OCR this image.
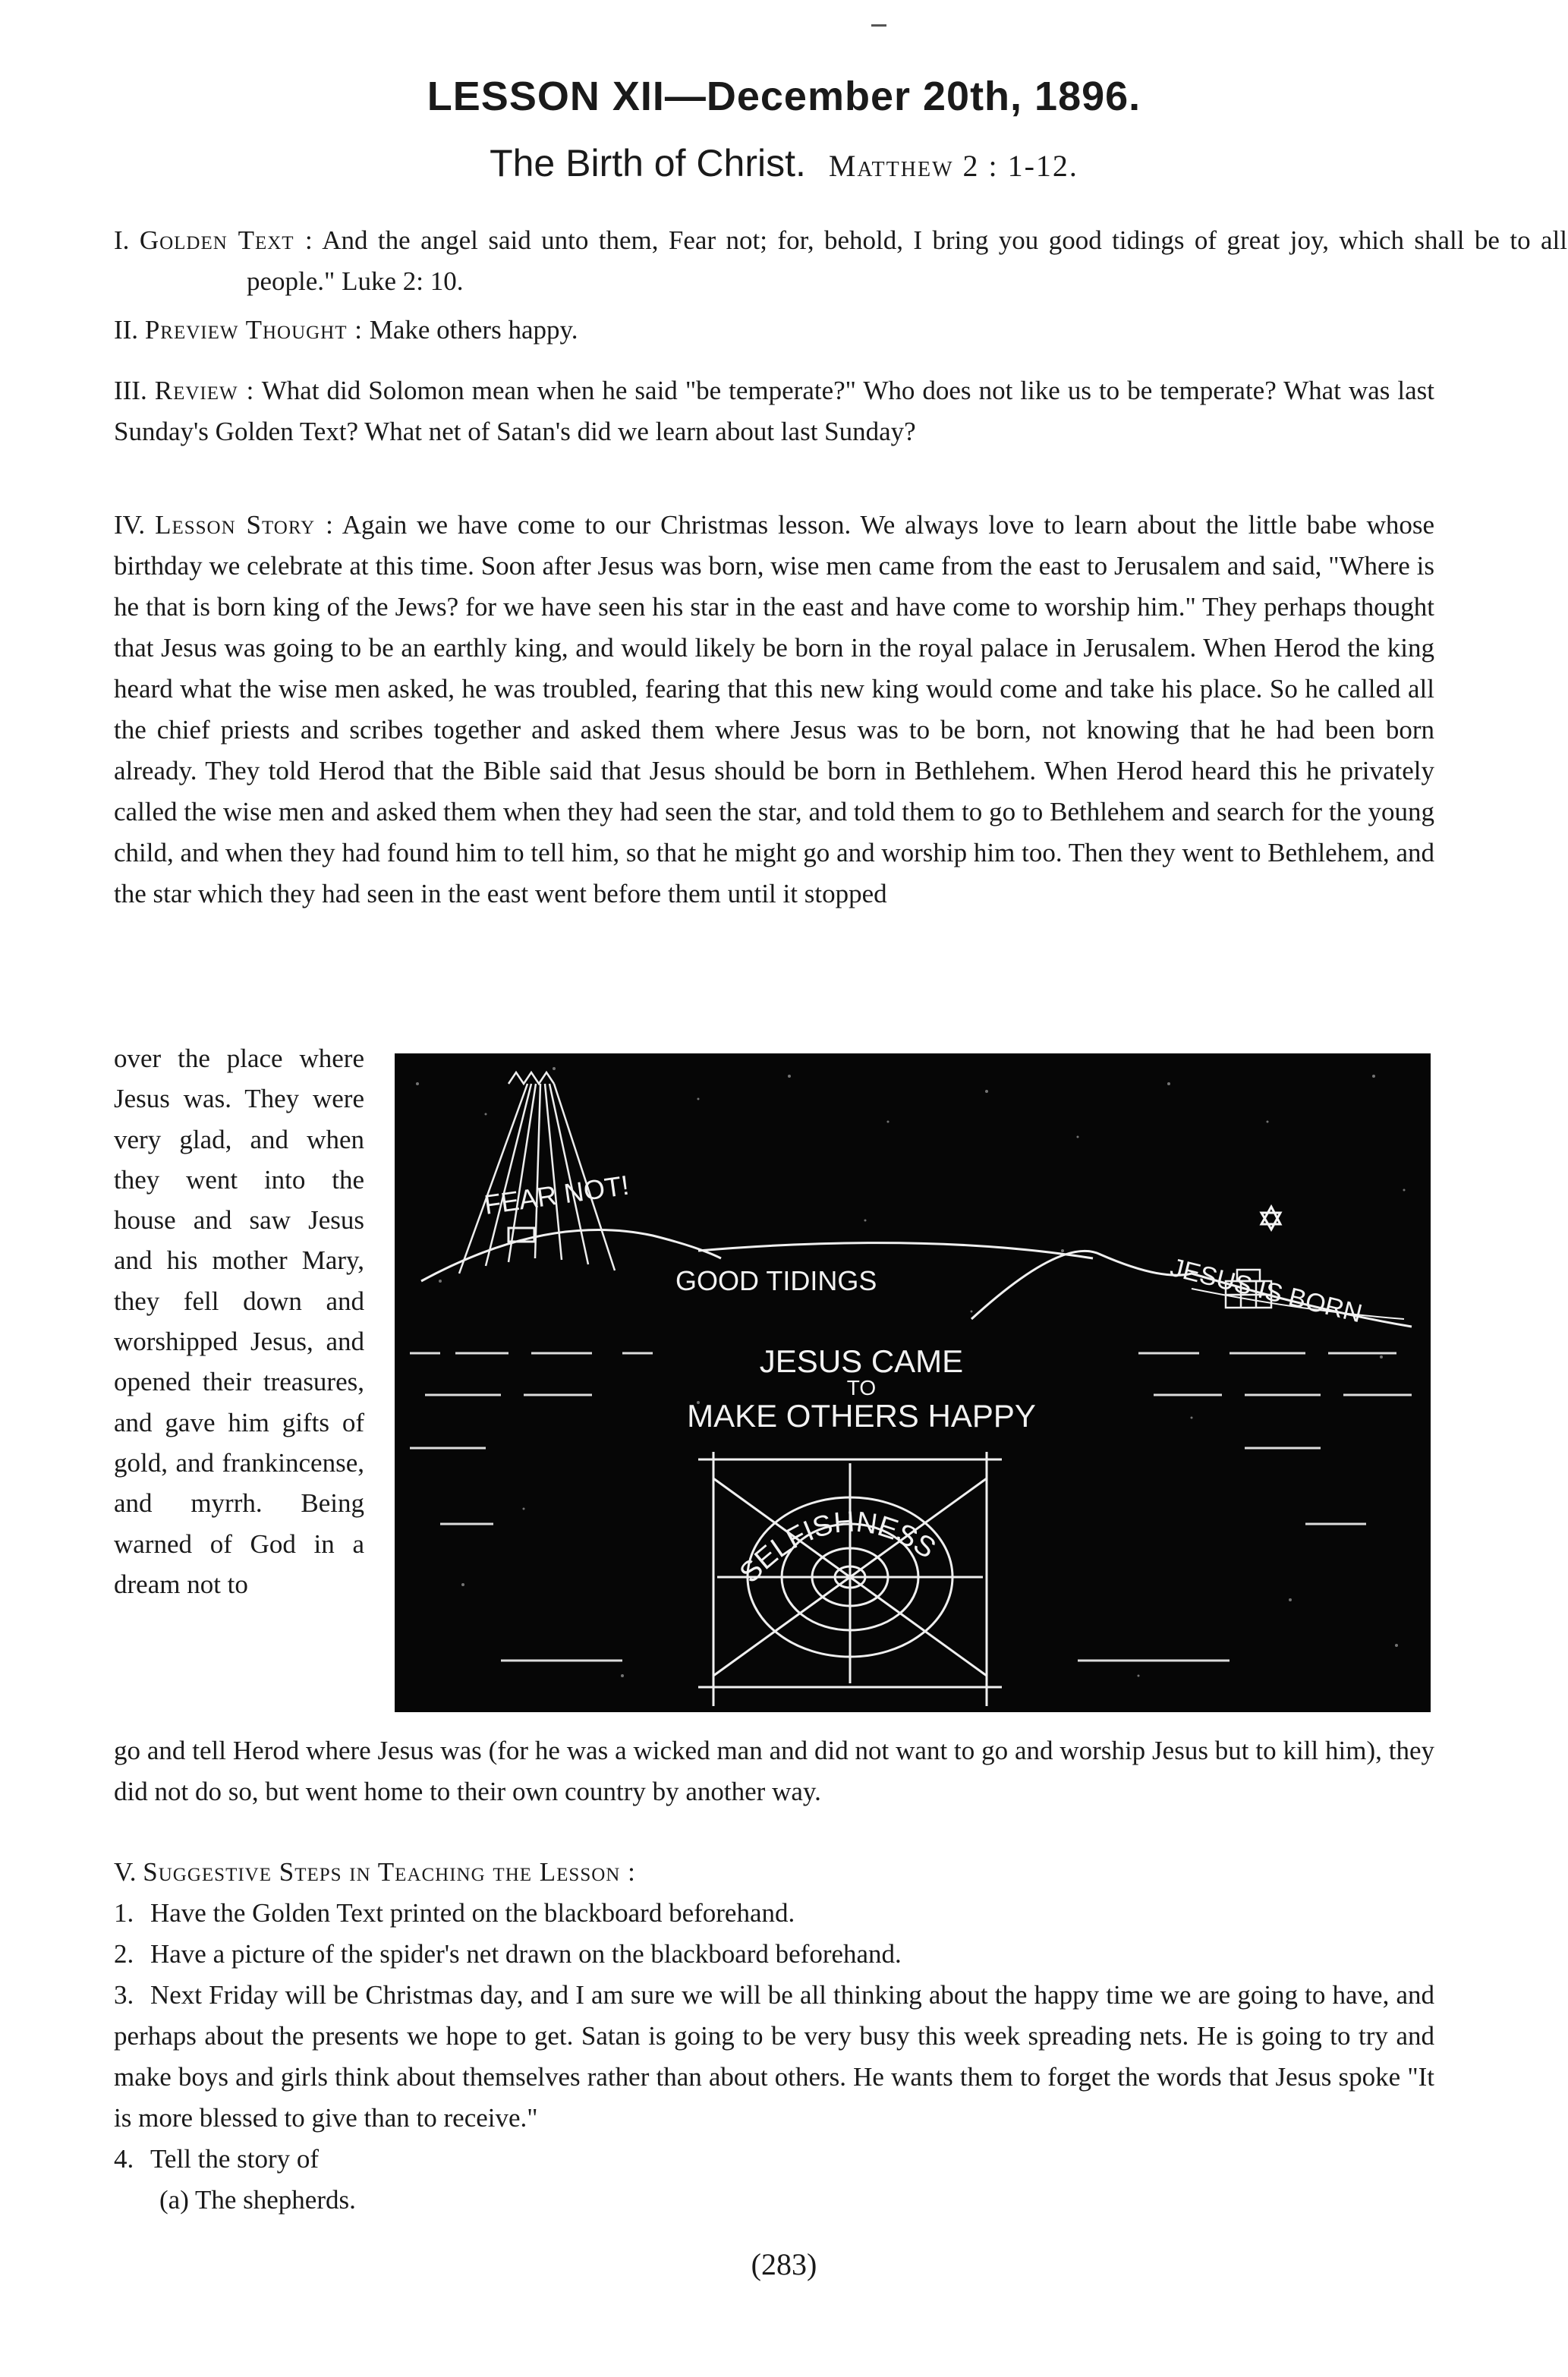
LESSON XII—December 20th, 1896.
The Birth of Christ. Matthew 2 : 1-12.
I. Golden Text : And the angel said unto them, Fear not; for, behold, I bring you good tidings of great joy, which shall be to all people." Luke 2: 10.
II. Preview Thought : Make others happy.
III. Review : What did Solomon mean when he said "be temperate?" Who does not like us to be temperate? What was last Sunday's Golden Text? What net of Satan's did we learn about last Sunday?
IV. Lesson Story : Again we have come to our Christmas lesson. We always love to learn about the little babe whose birthday we celebrate at this time. Soon after Jesus was born, wise men came from the east to Jerusalem and said, "Where is he that is born king of the Jews? for we have seen his star in the east and have come to worship him." They perhaps thought that Jesus was going to be an earthly king, and would likely be born in the royal palace in Jerusalem. When Herod the king heard what the wise men asked, he was troubled, fearing that this new king would come and take his place. So he called all the chief priests and scribes together and asked them where Jesus was to be born, not knowing that he had been born already. They told Herod that the Bible said that Jesus should be born in Bethlehem. When Herod heard this he privately called the wise men and asked them when they had seen the star, and told them to go to Bethlehem and search for the young child, and when they had found him to tell him, so that he might go and worship him too. Then they went to Bethlehem, and the star which they had seen in the east went before them until it stopped
over the place where Jesus was. They were very glad, and when they went into the house and saw Jesus and his mother Mary, they fell down and worshipped Jesus, and opened their treasures, and gave him gifts of gold, and frankincense, and myrrh. Being warned of God in a dream not to
FEAR NOT!
GOOD TIDINGS	JESUS IS BORN
JESUS CAME
TO
MAKE OTHERS HAPPY
SELFISHNESS
go and tell Herod where Jesus was (for he was a wicked man and did not want to go and worship Jesus but to kill him), they did not do so, but went home to their own country by another way.
V. Suggestive Steps in Teaching the Lesson :
1. Have the Golden Text printed on the blackboard beforehand.
2. Have a picture of the spider's net drawn on the blackboard beforehand.
3. Next Friday will be Christmas day, and I am sure we will be all thinking about the happy time we are going to have, and perhaps about the presents we hope to get. Satan is going to be very busy this week spreading nets. He is going to try and make boys and girls think about themselves rather than about others. He wants them to forget the words that Jesus spoke "It is more blessed to give than to receive."
4. Tell the story of
(a) The shepherds.
(283)
